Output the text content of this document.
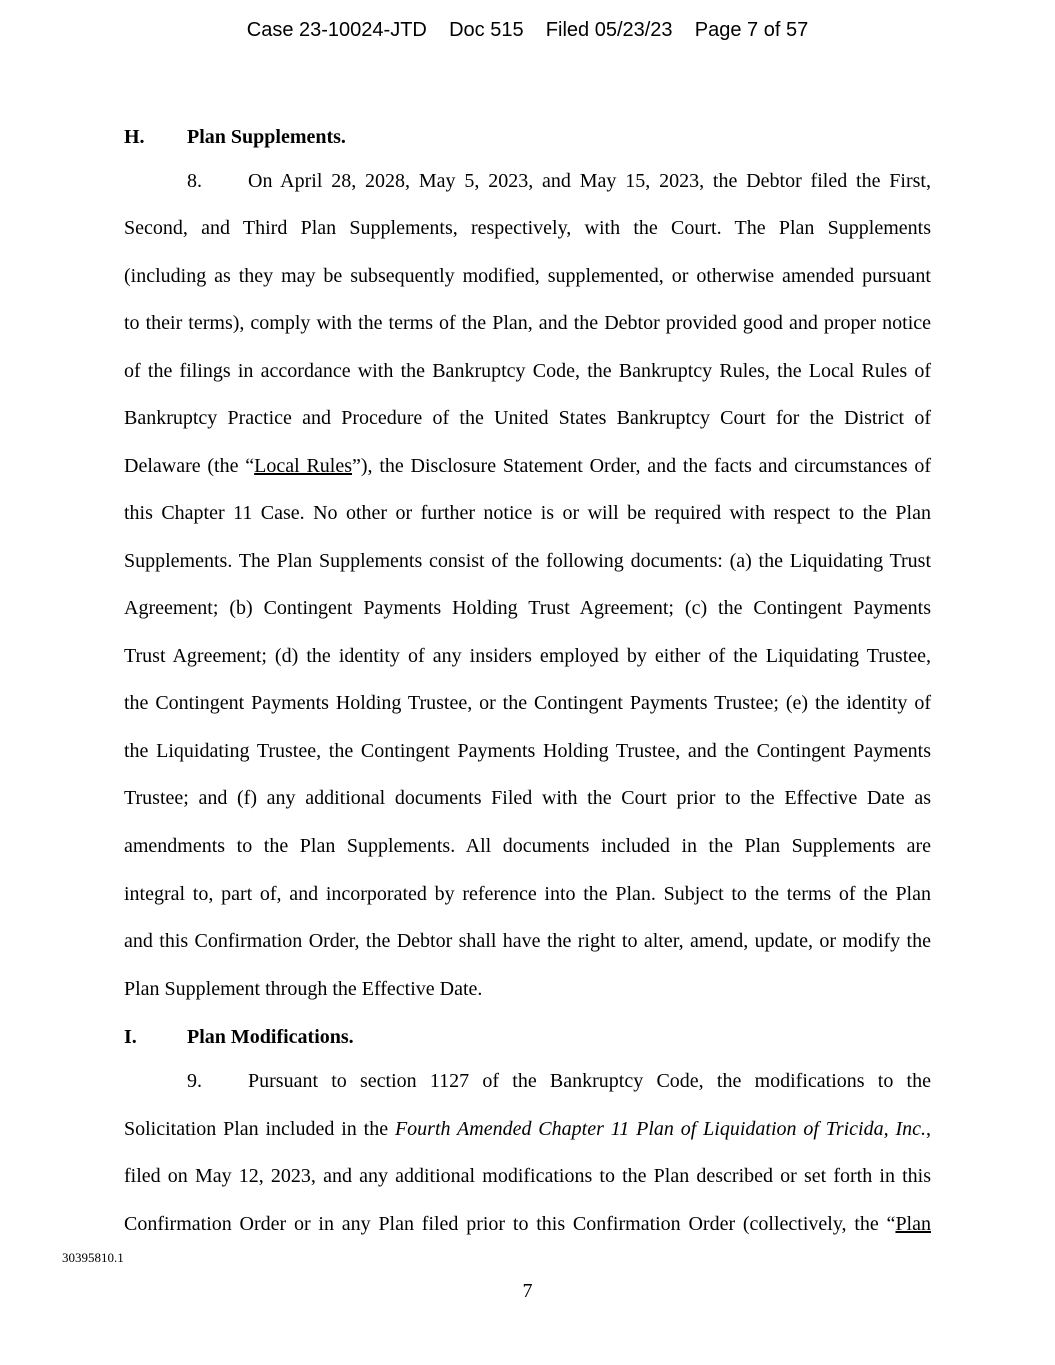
Case 23-10024-JTD    Doc 515    Filed 05/23/23    Page 7 of 57
H. Plan Supplements.
8. On April 28, 2028, May 5, 2023, and May 15, 2023, the Debtor filed the First,
Second, and Third Plan Supplements, respectively, with the Court. The Plan Supplements
(including as they may be subsequently modified, supplemented, or otherwise amended pursuant
to their terms), comply with the terms of the Plan, and the Debtor provided good and proper notice
of the filings in accordance with the Bankruptcy Code, the Bankruptcy Rules, the Local Rules of
Bankruptcy Practice and Procedure of the United States Bankruptcy Court for the District of
Delaware (the “Local Rules”), the Disclosure Statement Order, and the facts and circumstances of
this Chapter 11 Case. No other or further notice is or will be required with respect to the Plan
Supplements. The Plan Supplements consist of the following documents: (a) the Liquidating Trust
Agreement; (b) Contingent Payments Holding Trust Agreement; (c) the Contingent Payments
Trust Agreement; (d) the identity of any insiders employed by either of the Liquidating Trustee,
the Contingent Payments Holding Trustee, or the Contingent Payments Trustee; (e) the identity of
the Liquidating Trustee, the Contingent Payments Holding Trustee, and the Contingent Payments
Trustee; and (f) any additional documents Filed with the Court prior to the Effective Date as
amendments to the Plan Supplements. All documents included in the Plan Supplements are
integral to, part of, and incorporated by reference into the Plan. Subject to the terms of the Plan
and this Confirmation Order, the Debtor shall have the right to alter, amend, update, or modify the
Plan Supplement through the Effective Date.
I.	Plan Modifications.
9. Pursuant to section 1127 of the Bankruptcy Code, the modifications to the
Solicitation Plan included in the Fourth Amended Chapter 11 Plan of Liquidation of Tricida, Inc.,
filed on May 12, 2023, and any additional modifications to the Plan described or set forth in this
Confirmation Order or in any Plan filed prior to this Confirmation Order (collectively, the “Plan
30395810.1
7
